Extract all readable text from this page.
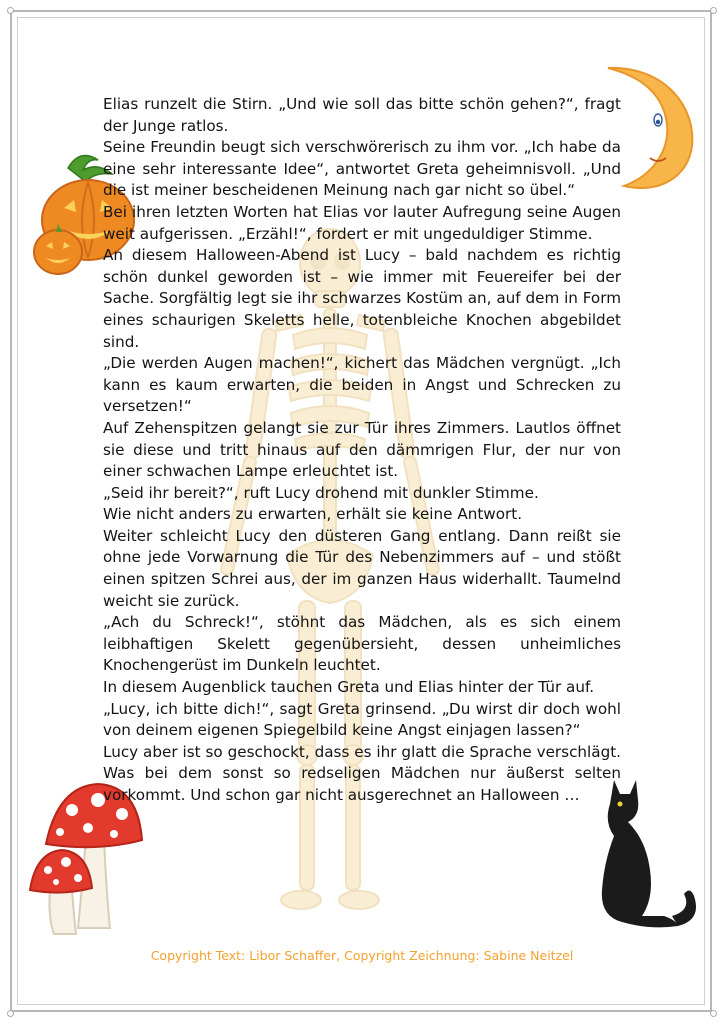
Elias runzelt die Stirn. „Und wie soll das bitte schön gehen?“, fragt der Junge ratlos.

Seine Freundin beugt sich verschwörerisch zu ihm vor. „Ich habe da eine sehr interessante Idee“, antwortet Greta geheimnisvoll. „Und die ist meiner bescheidenen Meinung nach gar nicht so übel.“

Bei ihren letzten Worten hat Elias vor lauter Aufregung seine Augen weit aufgerissen. „Erzähl!“, fordert er mit ungeduldiger Stimme.

An diesem Halloween-Abend ist Lucy – bald nachdem es richtig schön dunkel geworden ist – wie immer mit Feuereifer bei der Sache. Sorgfältig legt sie ihr schwarzes Kostüm an, auf dem in Form eines schaurigen Skeletts helle, totenbleiche Knochen abgebildet sind.

„Die werden Augen machen!“, kichert das Mädchen vergnügt. „Ich kann es kaum erwarten, die beiden in Angst und Schrecken zu versetzen!“

Auf Zehenspitzen gelangt sie zur Tür ihres Zimmers. Lautlos öffnet sie diese und tritt hinaus auf den dämmrigen Flur, der nur von einer schwachen Lampe erleuchtet ist.

„Seid ihr bereit?“, ruft Lucy drohend mit dunkler Stimme.

Wie nicht anders zu erwarten, erhält sie keine Antwort.

Weiter schleicht Lucy den düsteren Gang entlang. Dann reißt sie ohne jede Vorwarnung die Tür des Nebenzimmers auf – und stößt einen spitzen Schrei aus, der im ganzen Haus widerhallt. Taumelnd weicht sie zurück.

„Ach du Schreck!“, stöhnt das Mädchen, als es sich einem leibhaftigen Skelett gegenübersieht, dessen unheimliches Knochengerüst im Dunkeln leuchtet.

In diesem Augenblick tauchen Greta und Elias hinter der Tür auf.

„Lucy, ich bitte dich!“, sagt Greta grinsend. „Du wirst dir doch wohl von deinem eigenen Spiegelbild keine Angst einjagen lassen?“

Lucy aber ist so geschockt, dass es ihr glatt die Sprache verschlägt. Was bei dem sonst so redseligen Mädchen nur äußerst selten vorkommt. Und schon gar nicht ausgerechnet an Halloween …

Copyright Text: Libor Schaffer, Copyright Zeichnung: Sabine Neitzel
